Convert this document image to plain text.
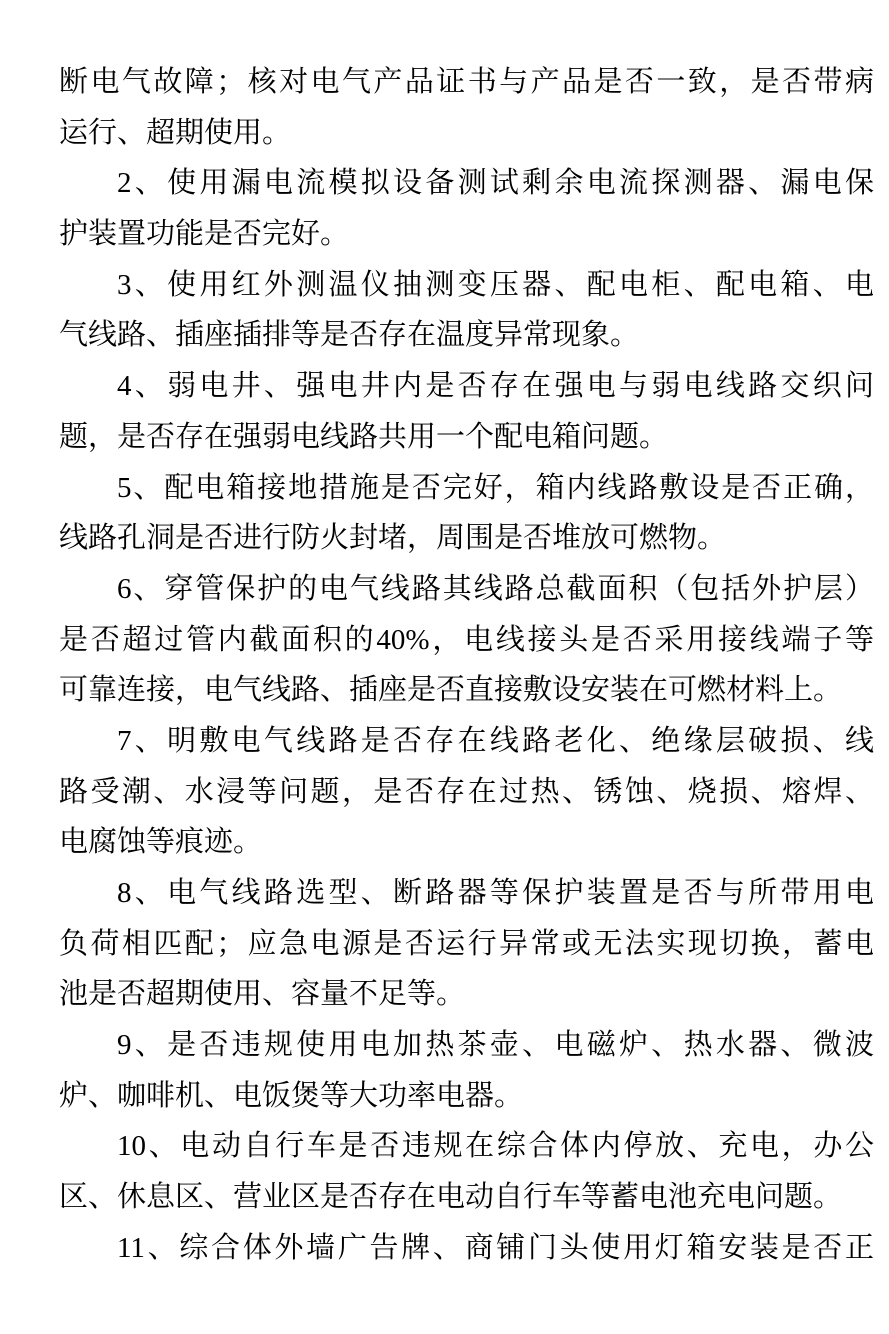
断电气故障；核对电气产品证书与产品是否一致，是否带病
运行、超期使用。
2、使用漏电流模拟设备测试剩余电流探测器、漏电保
护装置功能是否完好。
3、使用红外测温仪抽测变压器、配电柜、配电箱、电
气线路、插座插排等是否存在温度异常现象。
4、弱电井、强电井内是否存在强电与弱电线路交织问
题，是否存在强弱电线路共用一个配电箱问题。
5、配电箱接地措施是否完好，箱内线路敷设是否正确，
线路孔洞是否进行防火封堵，周围是否堆放可燃物。
6、穿管保护的电气线路其线路总截面积（包括外护层）
是否超过管内截面积的40%，电线接头是否采用接线端子等
可靠连接，电气线路、插座是否直接敷设安装在可燃材料上。
7、明敷电气线路是否存在线路老化、绝缘层破损、线
路受潮、水浸等问题，是否存在过热、锈蚀、烧损、熔焊、
电腐蚀等痕迹。
8、电气线路选型、断路器等保护装置是否与所带用电
负荷相匹配；应急电源是否运行异常或无法实现切换，蓄电
池是否超期使用、容量不足等。
9、是否违规使用电加热茶壶、电磁炉、热水器、微波
炉、咖啡机、电饭煲等大功率电器。
10、电动自行车是否违规在综合体内停放、充电，办公
区、休息区、营业区是否存在电动自行车等蓄电池充电问题。
11、综合体外墙广告牌、商铺门头使用灯箱安装是否正
